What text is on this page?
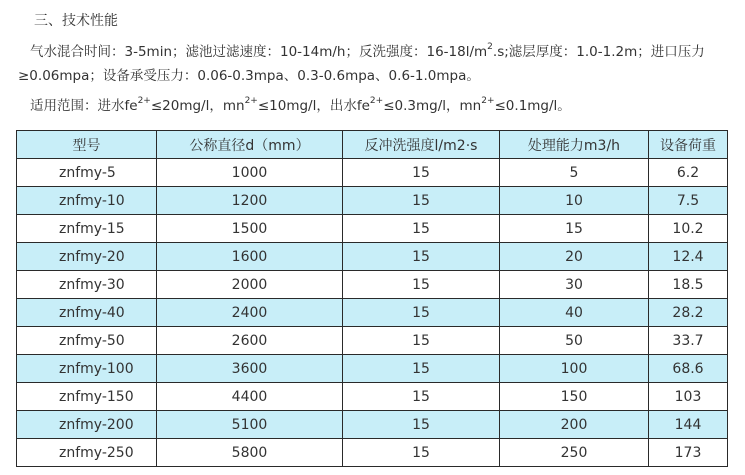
三、技术性能
气水混合时间：3-5min；滤池过滤速度：10-14m/h；反洗强度：$16-18l/m^2.s$;滤层厚度：1.0-1.2m；进口压力
≥0.06mpa；设备承受压力：0.06-0.3mpa、0.3-0.6mpa、0.6-1.0mpa。
适用范围：进水$fe^{2+}\le 20mg/l$，$mn^{2+}\le 10mg/l$，出水$fe^{2+}\le 0.3mg/l$，$mn^{2+}\le 0.1mg/l$。
型号	公称直径d（mm）	反冲洗强度l/m2·s	处理能力m3/h	设备荷重
znfmy-5	1000	15	5	6.2
znfmy-10	1200	15	10	7.5
znfmy-15	1500	15	15	10.2
znfmy-20	1600	15	20	12.4
znfmy-30	2000	15	30	18.5
znfmy-40	2400	15	40	28.2
znfmy-50	2600	15	50	33.7
znfmy-100	3600	15	100	68.6
znfmy-150	4400	15	150	103
znfmy-200	5100	15	200	144
znfmy-250	5800	15	250	173
